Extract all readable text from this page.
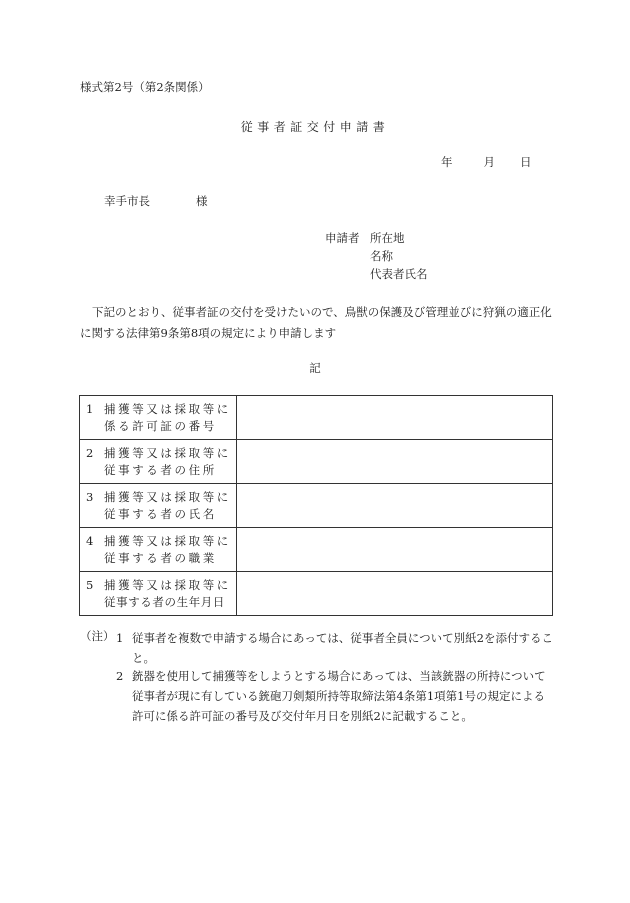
様式第2号（第2条関係）
従事者証交付申請書
年	月 日
幸手市長	様
申請者 所在地
名称
代表者氏名
下記のとおり、従事者証の交付を受けたいので、鳥獣の保護及び管理並びに狩猟の適正化に関する法律第9条第8項の規定により申請します
記
1 捕獲等又は採取等に
係る許可証の番号	

2 捕獲等又は採取等に
従事する者の住所	

3 捕獲等又は採取等に
従事する者の氏名	

4 捕獲等又は採取等に
従事する者の職業	

5 捕獲等又は採取等に
従事する者の生年月日	

（注） 1 従事者を複数で申請する場合にあっては、従事者全員について別紙2を添付すること。
2 銃器を使用して捕獲等をしようとする場合にあっては、当該銃器の所持について従事者が現に有している銃砲刀剣類所持等取締法第4条第1項第1号の規定による許可に係る許可証の番号及び交付年月日を別紙2に記載すること。
